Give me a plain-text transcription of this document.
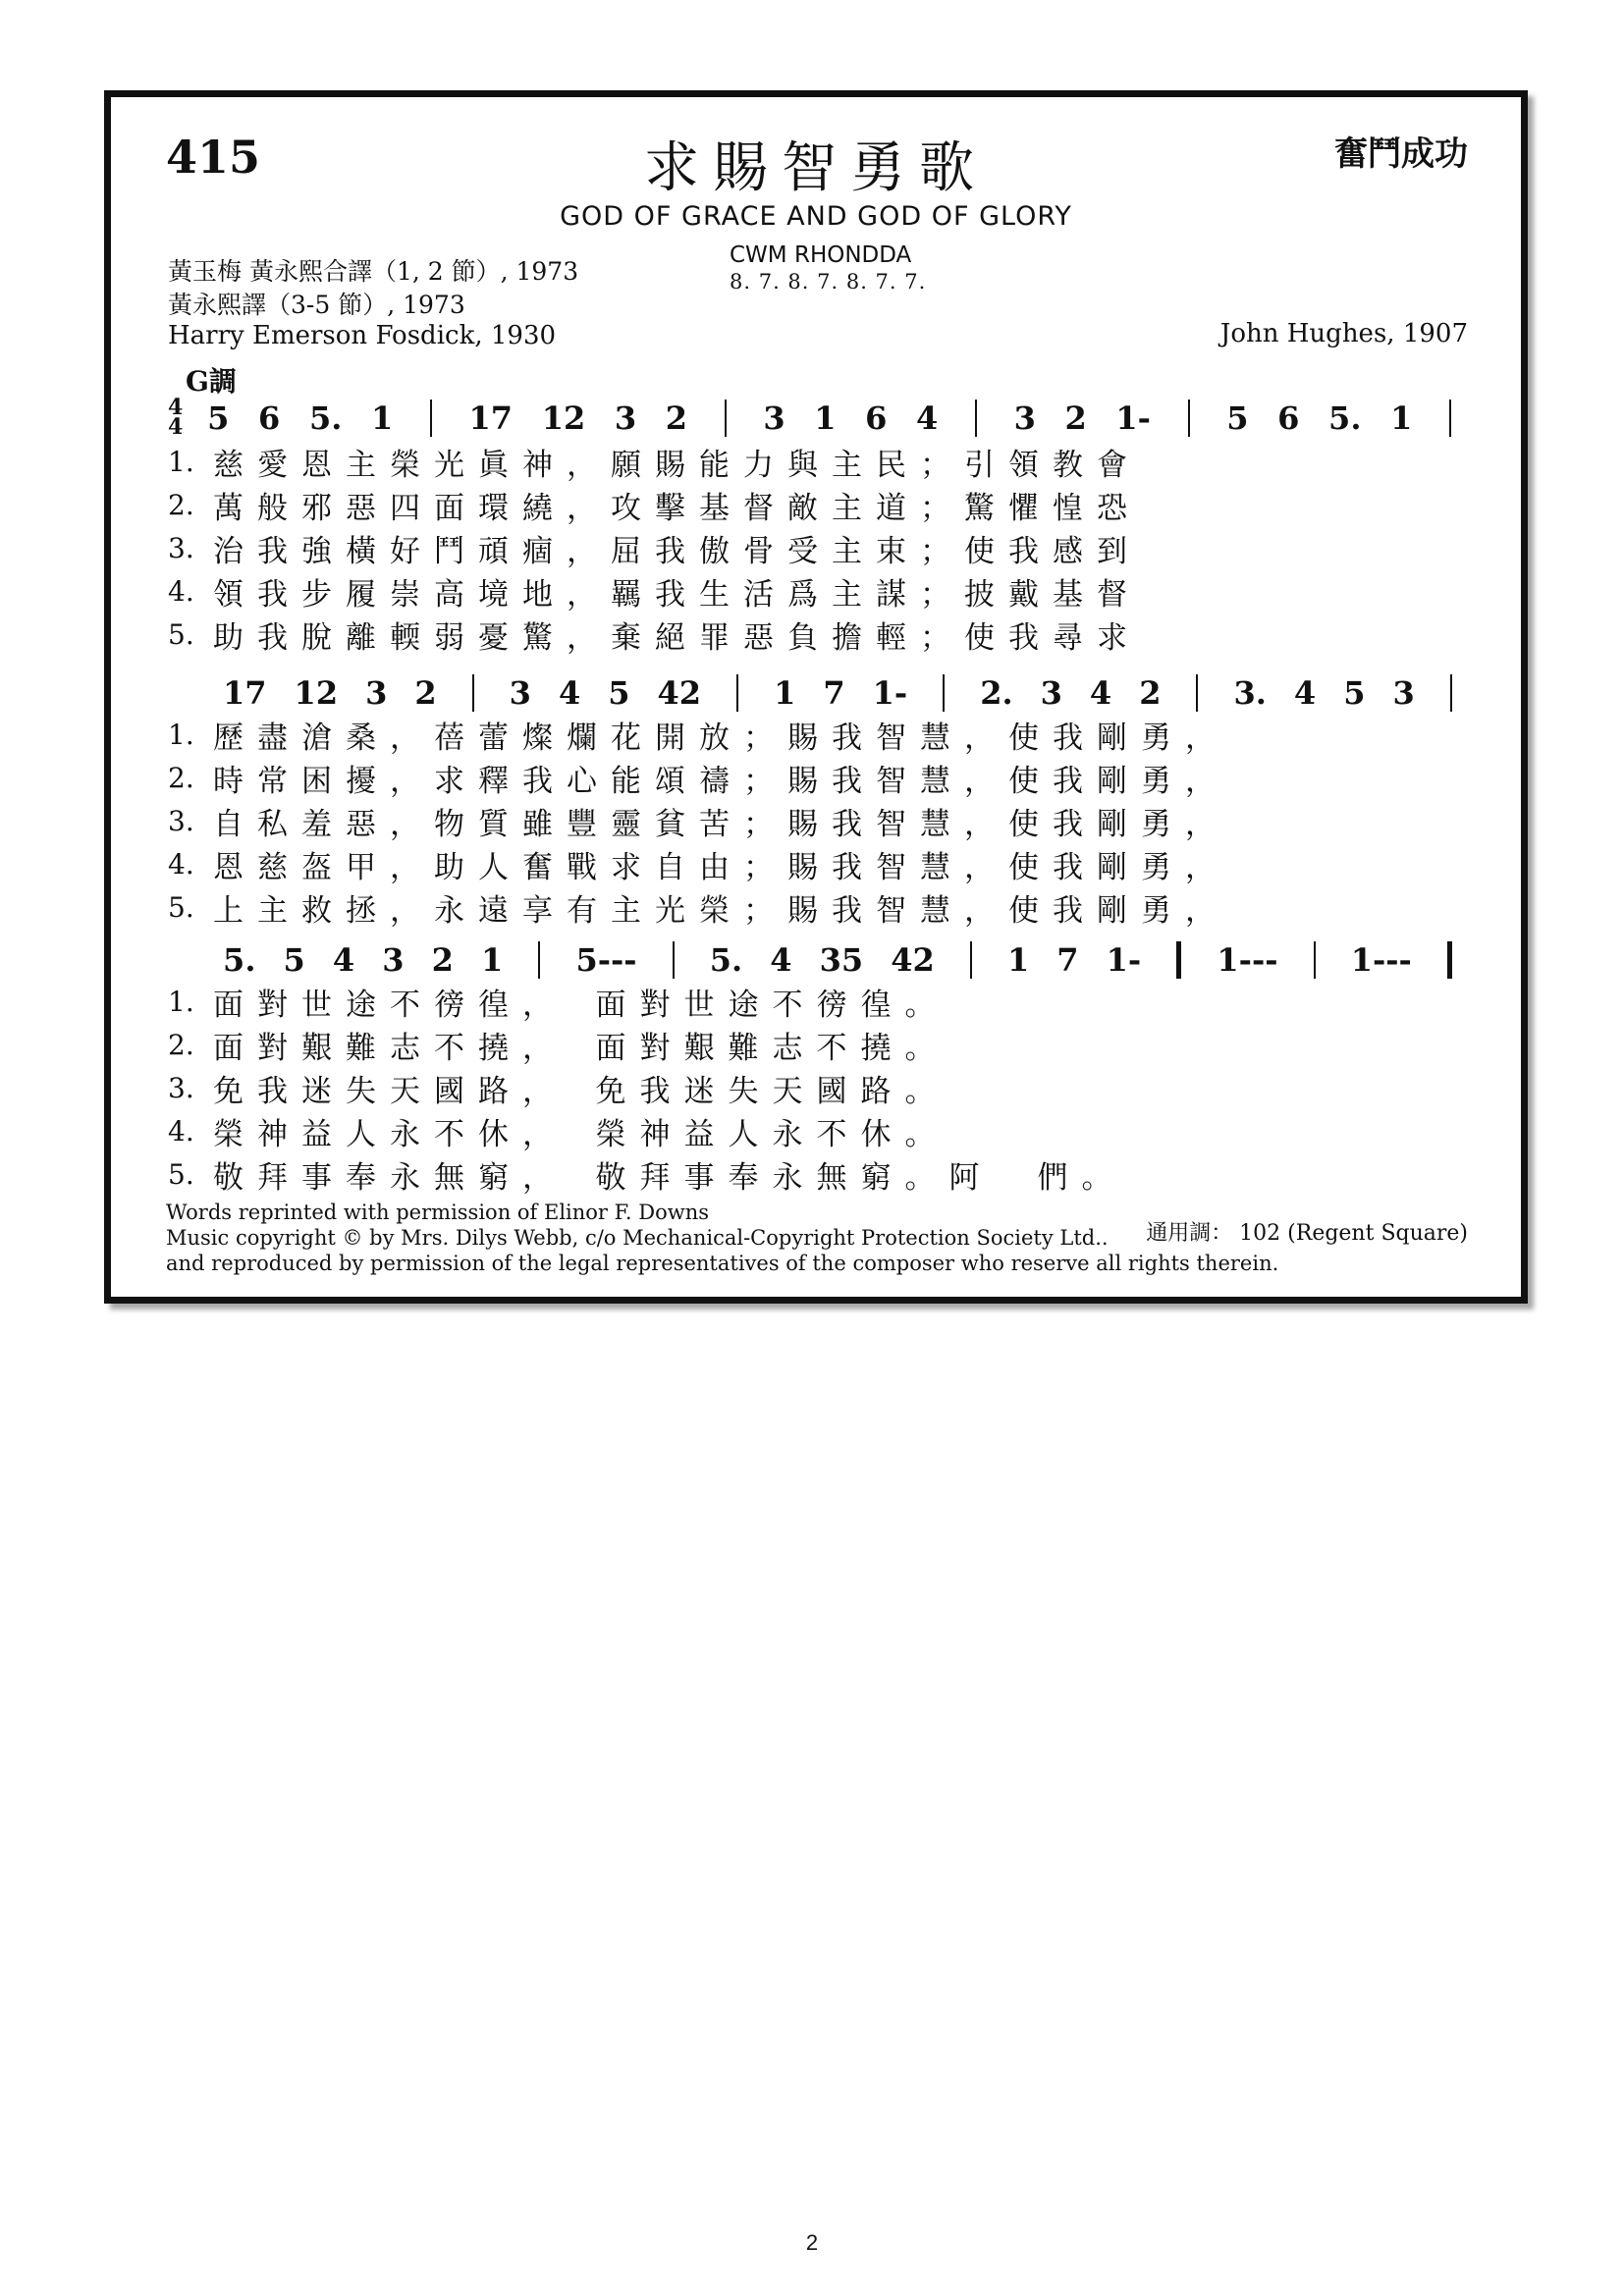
415	求賜智勇歌	奮鬥成功
GOD OF GRACE AND GOD OF GLORY
黃玉梅 黃永熙合譯（1, 2 節）, 1973
黃永熙譯（3-5 節）, 1973
CWM RHONDDA
8. 7. 8. 7. 8. 7. 7.
Harry Emerson Fosdick, 1930	John Hughes, 1907
G調
4
4 5 6 5. 1 17 12 3 2 3 1 6 4 3 2 1- 5 6 5. 1
1. 慈愛恩主榮光眞神，願賜能力與主民；引領教會
2. 萬般邪惡四面環繞，攻擊基督敵主道；驚懼惶恐
3. 治我強橫好鬥頑痼，屈我傲骨受主束；使我感到
4. 領我步履崇高境地，羈我生活爲主謀；披戴基督
5. 助我脫離輭弱憂驚，棄絕罪惡負擔輕；使我尋求
17 12 3 2 3 4 5 42 1 7 1- 2. 3 4 2 3. 4 5 3
1. 歷盡滄桑，蓓蕾燦爛花開放；賜我智慧，使我剛勇，
2. 時常困擾，求釋我心能頌禱；賜我智慧，使我剛勇，
3. 自私羞惡，物質雖豐靈貧苦；賜我智慧，使我剛勇，
4. 恩慈盔甲，助人奮戰求自由；賜我智慧，使我剛勇，
5. 上主救拯，永遠享有主光榮；賜我智慧，使我剛勇，
5. 5 4 3 2 1 5--- 5. 4 35 42 1 7 1- 1--- 1---
1. 面對世途不徬徨，　面對世途不徬徨。
2. 面對艱難志不撓，　面對艱難志不撓。
3. 免我迷失天國路，　免我迷失天國路。
4. 榮神益人永不休，　榮神益人永不休。
5. 敬拜事奉永無窮，　敬拜事奉永無窮。阿　們。
Words reprinted with permission of Elinor F. Downs
Music copyright © by Mrs. Dilys Webb, c/o Mechanical-Copyright Protection Society Ltd..
and reproduced by permission of the legal representatives of the composer who reserve all rights therein.
通用調： 102 (Regent Square)
2
